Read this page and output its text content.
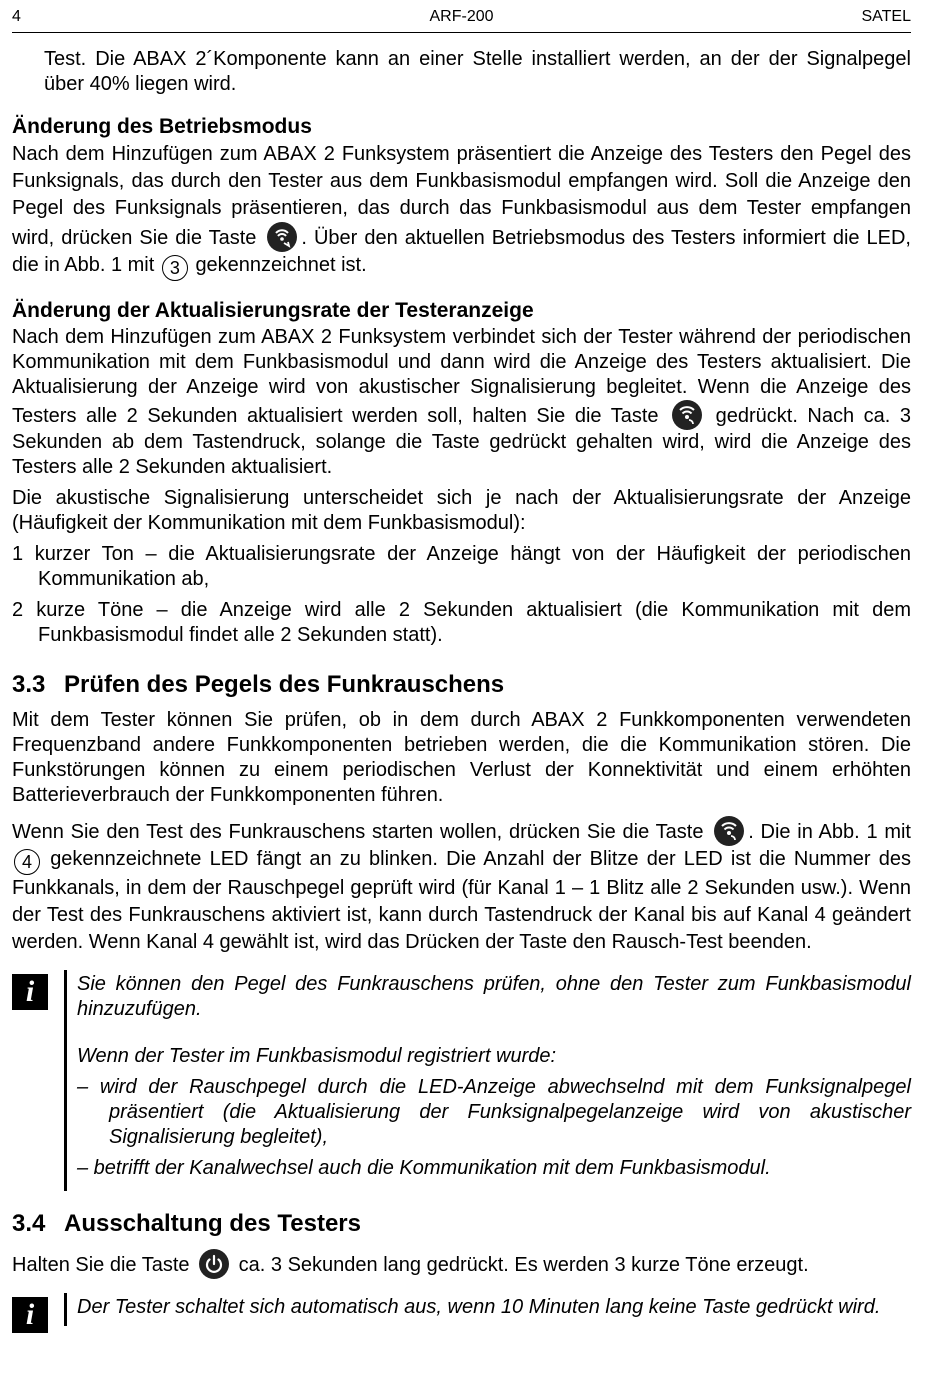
4	ARF-200	SATEL

Test. Die ABAX 2´Komponente kann an einer Stelle installiert werden, an der der Signalpegel über 40% liegen wird.

Änderung des Betriebsmodus

Nach dem Hinzufügen zum ABAX 2 Funksystem präsentiert die Anzeige des Testers den Pegel des Funksignals, das durch den Tester aus dem Funkbasismodul empfangen wird. Soll die Anzeige den Pegel des Funksignals präsentieren, das durch das Funkbasismodul aus dem Tester empfangen wird, drücken Sie die Taste . Über den aktuellen Betriebsmodus des Testers informiert die LED, die in Abb. 1 mit 3 gekennzeichnet ist.

Änderung der Aktualisierungsrate der Testeranzeige

Nach dem Hinzufügen zum ABAX 2 Funksystem verbindet sich der Tester während der periodischen Kommunikation mit dem Funkbasismodul und dann wird die Anzeige des Testers aktualisiert. Die Aktualisierung der Anzeige wird von akustischer Signalisierung begleitet. Wenn die Anzeige des Testers alle 2 Sekunden aktualisiert werden soll, halten Sie die Taste	gedrückt. Nach ca. 3 Sekunden ab dem Tastendruck, solange die Taste gedrückt gehalten wird, wird die Anzeige des Testers alle 2 Sekunden aktualisiert.

Die akustische Signalisierung unterscheidet sich je nach der Aktualisierungsrate der Anzeige (Häufigkeit der Kommunikation mit dem Funkbasismodul):

1 kurzer Ton – die Aktualisierungsrate der Anzeige hängt von der Häufigkeit der periodischen Kommunikation ab,

2 kurze Töne – die Anzeige wird alle 2 Sekunden aktualisiert (die Kommunikation mit dem Funkbasismodul findet alle 2 Sekunden statt).

3.3 Prüfen des Pegels des Funkrauschens

Mit dem Tester können Sie prüfen, ob in dem durch ABAX 2 Funkkomponenten verwendeten Frequenzband andere Funkkomponenten betrieben werden, die die Kommunikation stören. Die Funkstörungen können zu einem periodischen Verlust der Konnektivität und einem erhöhten Batterieverbrauch der Funkkomponenten führen.

Wenn Sie den Test des Funkrauschens starten wollen, drücken Sie die Taste . Die in Abb. 1 mit 4 gekennzeichnete LED fängt an zu blinken. Die Anzahl der Blitze der LED ist die Nummer des Funkkanals, in dem der Rauschpegel geprüft wird (für Kanal 1 – 1 Blitz alle 2 Sekunden usw.). Wenn der Test des Funkrauschens aktiviert ist, kann durch Tastendruck der Kanal bis auf Kanal 4 geändert werden. Wenn Kanal 4 gewählt ist, wird das Drücken der Taste den Rausch-Test beenden.

i	Sie können den Pegel des Funkrauschens prüfen, ohne den Tester zum Funkbasismodul hinzuzufügen.

Wenn der Tester im Funkbasismodul registriert wurde:

– wird der Rauschpegel durch die LED-Anzeige abwechselnd mit dem Funksignalpegel präsentiert (die Aktualisierung der Funksignalpegelanzeige wird von akustischer Signalisierung begleitet),

– betrifft der Kanalwechsel auch die Kommunikation mit dem Funkbasismodul.

3.4 Ausschaltung des Testers

Halten Sie die Taste ca. 3 Sekunden lang gedrückt. Es werden 3 kurze Töne erzeugt.

i	Der Tester schaltet sich automatisch aus, wenn 10 Minuten lang keine Taste gedrückt wird.
